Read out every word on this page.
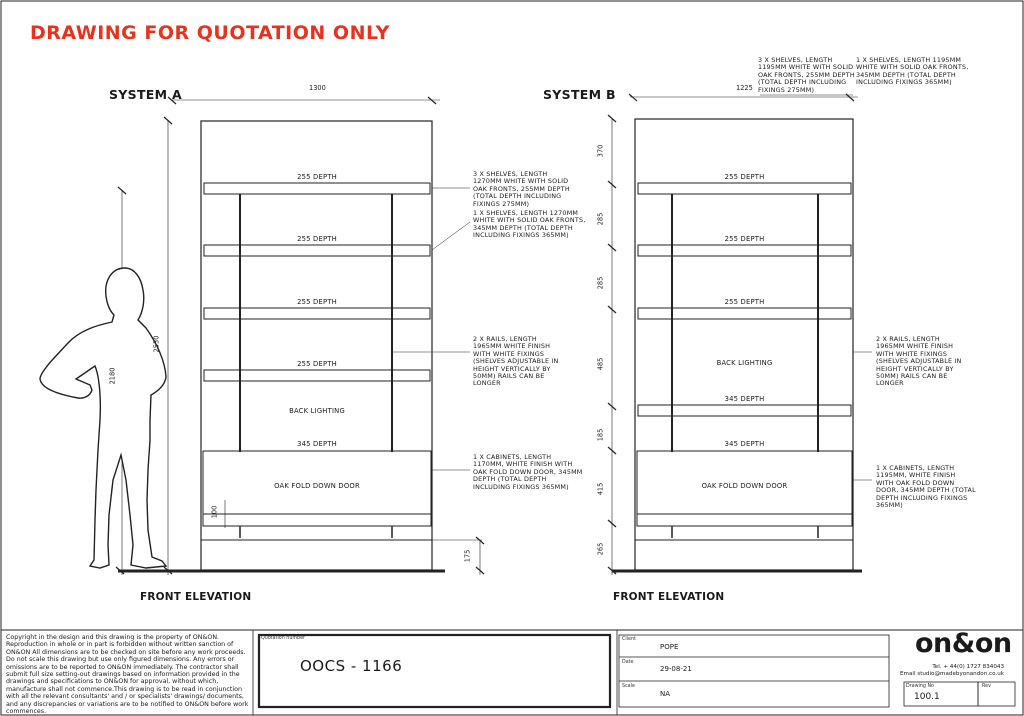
DRAWING FOR QUOTATION ONLY
SYSTEM A
FRONT ELEVATION
1300
2530
2180
175
100
255 DEPTH
255 DEPTH
255 DEPTH
255 DEPTH
BACK LIGHTING
345 DEPTH
OAK FOLD DOWN DOOR
3 X SHELVES, LENGTH
1270MM WHITE WITH SOLID
OAK FRONTS, 255MM DEPTH
(TOTAL DEPTH INCLUDING
FIXINGS 275MM)
1 X SHELVES, LENGTH 1270MM
WHITE WITH SOLID OAK FRONTS,
345MM DEPTH (TOTAL DEPTH
INCLUDING FIXINGS 365MM)
2 X RAILS, LENGTH
1965MM WHITE FINISH
WITH WHITE FIXINGS
(SHELVES ADJUSTABLE IN
HEIGHT VERTICALLY BY
50MM) RAILS CAN BE
LONGER
1 X CABINETS, LENGTH
1170MM, WHITE FINISH WITH
OAK FOLD DOWN DOOR, 345MM
DEPTH (TOTAL DEPTH
INCLUDING FIXINGS 365MM)
SYSTEM B
FRONT ELEVATION
1225
370
285
285
485
185
415
265
255 DEPTH
255 DEPTH
255 DEPTH
BACK LIGHTING
345 DEPTH
345 DEPTH
OAK FOLD DOWN DOOR
3 X SHELVES, LENGTH
1195MM WHITE WITH SOLID
OAK FRONTS, 255MM DEPTH
(TOTAL DEPTH INCLUDING
FIXINGS 275MM)
1 X SHELVES, LENGTH 1195MM
WHITE WITH SOLID OAK FRONTS,
345MM DEPTH (TOTAL DEPTH
INCLUDING FIXINGS 365MM)
2 X RAILS, LENGTH
1965MM WHITE FINISH
WITH WHITE FIXINGS
(SHELVES ADJUSTABLE IN
HEIGHT VERTICALLY BY
50MM) RAILS CAN BE
LONGER
1 X CABINETS, LENGTH
1195MM, WHITE FINISH
WITH OAK FOLD DOWN
DOOR, 345MM DEPTH (TOTAL
DEPTH INCLUDING FIXINGS
365MM)
Copyright in the design and this drawing is the property of ON&ON.
Reproduction in whole or in part is forbidden without written sanction of
ON&ON All dimensions are to be checked on site before any work proceeds.
Do not scale this drawing but use only figured dimensions. Any errors or
omissions are to be reported to ON&ON immediately. The contractor shall
submit full size setting-out drawings based on information provided in the
drawings and specifications to ON&ON for approval, without which,
manufacture shall not commence.This drawing is to be read in conjunction
with all the relevant consultants' and / or specialists' drawings/ documents,
and any discrepancies or variations are to be notified to ON&ON before work
commences.
Quotation number
OOCS - 1166
Client
POPE
Date
29-08-21
Scale
NA
on&on
Tel. + 44(0) 1727 834043
Email studio@madebyonandon.co.uk
Drawing No
100.1
Rev
